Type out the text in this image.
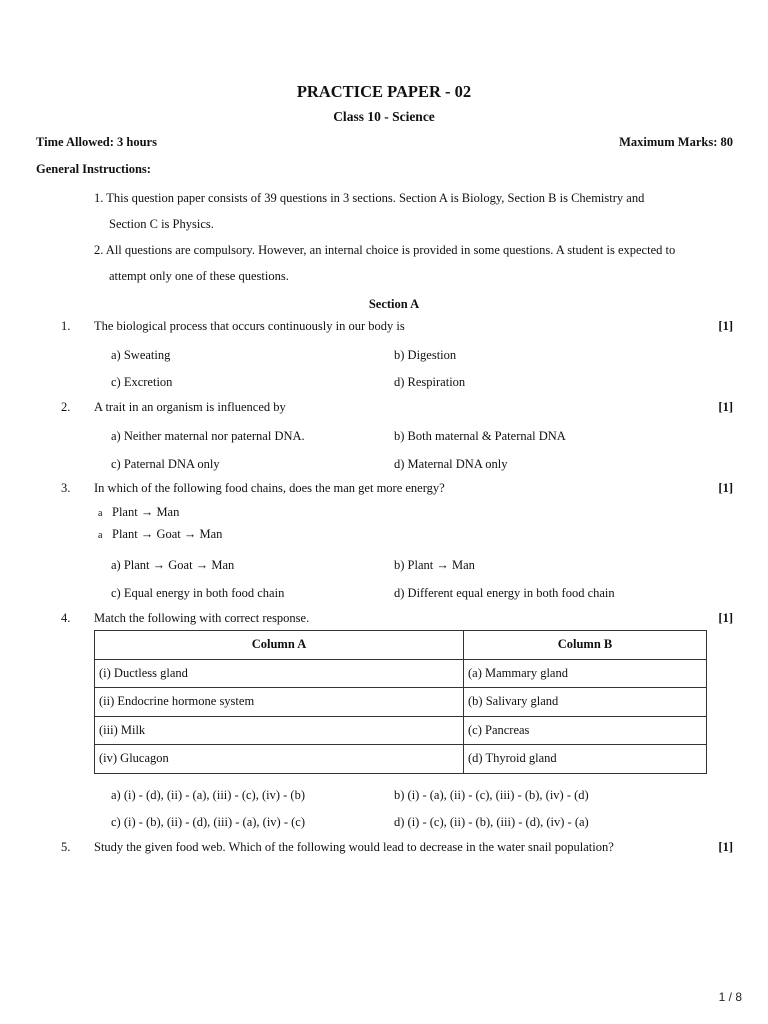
PRACTICE PAPER - 02
Class 10 - Science
Time Allowed: 3 hours	Maximum Marks: 80
General Instructions:
1. This question paper consists of 39 questions in 3 sections. Section A is Biology, Section B is Chemistry and
Section C is Physics.
2. All questions are compulsory. However, an internal choice is provided in some questions. A student is expected to
attempt only one of these questions.
Section A
1. The biological process that occurs continuously in our body is	[1]
a) Sweating	b) Digestion
c) Excretion	d) Respiration
2. A trait in an organism is influenced by	[1]
a) Neither maternal nor paternal DNA.	b) Both maternal & Paternal DNA
c) Paternal DNA only	d) Maternal DNA only
3. In which of the following food chains, does the man get more energy?	[1]
a Plant → Man
a Plant → Goat → Man
a) Plant → Goat → Man	b) Plant → Man
c) Equal energy in both food chain	d) Different equal energy in both food chain
4. Match the following with correct response.	[1]
Column A	Column B
(i) Ductless gland	(a) Mammary gland
(ii) Endocrine hormone system	(b) Salivary gland
(iii) Milk	(c) Pancreas
(iv) Glucagon	(d) Thyroid gland
a) (i) - (d), (ii) - (a), (iii) - (c), (iv) - (b)	b) (i) - (a), (ii) - (c), (iii) - (b), (iv) - (d)
c) (i) - (b), (ii) - (d), (iii) - (a), (iv) - (c)	d) (i) - (c), (ii) - (b), (iii) - (d), (iv) - (a)
5. Study the given food web. Which of the following would lead to decrease in the water snail population?	[1]
1 / 8
